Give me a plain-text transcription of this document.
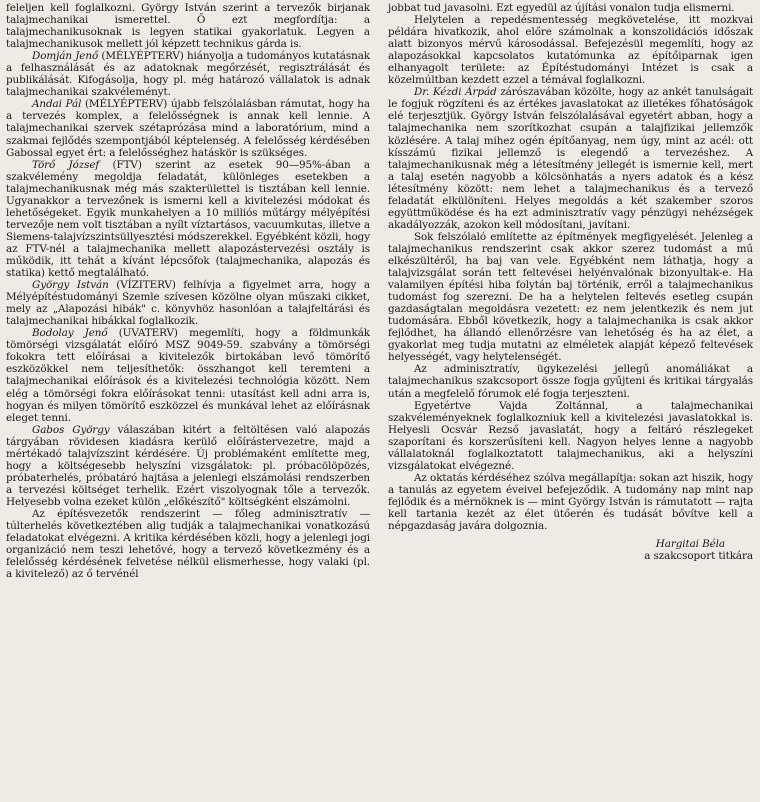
feleljen kell foglalkozni. György István szerint a tervezők birjanak talajmechanikai ismerettel. Ő ezt megfordítja: a talajmechanikusoknak is legyen statikai gyakorlatuk. Legyen a talajmechanikusok mellett jól képzett technikus gárda is.

Domján Jenő (MÉLYÉPTERV) hiányolja a tudományos kutatásnak a felhasználását és az adatoknak megőrzését, regisztrálását és publikálását. Kifogásolja, hogy pl. még határozó vállalatok is adnak talajmechanikai szakvéleményt.

Andai Pál (MÉLYÉPTERV) újabb felszólalásban rámutat, hogy ha a tervezés komplex, a felelősségnek is annak kell lennie. A talajmechanikai szervek szétaprózása mind a laboratórium, mind a szakmai fejlődés szempontjából képtelenség. A felelősség kérdésében Gabossal egyet ért: a felelősséghez hatáskör is szükséges.

Törő József (FTV) szerint az esetek 90—95%-ában a szakvélemény megoldja feladatát, különleges esetekben a talajmechanikusnak még más szakterülettel is tisztában kell lennie. Ugyanakkor a tervezőnek is ismerni kell a kivitelezési módokat és lehetőségeket. Egyik munkahelyen a 10 milliós műtárgy mélyépítési tervezője nem volt tisztában a nyílt víztartásos, vacuumkutas, illetve a Siemens-talajvízszintsüllyesztési módszerekkel. Egyébként közli, hogy az FTV-nél a talajmechanika mellett alapozástervezési osztály is működik, itt tehát a kívánt lépcsőfok (talajmechanika, alapozás és statika) kettő megtalálható.

György István (VÍZITERV) felhívja a figyelmet arra, hogy a Mélyépítéstudományi Szemle szívesen közölne olyan műszaki cikket, mely az „Alapozási hibák" c. könyvhöz hasonlóan a talajfeltárási és talajmechanikai hibákkal foglalkozik.

Bodolay Jenő (UVATERV) megemlíti, hogy a földmunkák tömörségi vizsgálatát előíró MSZ 9049-59. szabvány a tömörségi fokokra tett előírásai a kivitelezők birtokában levő tömörítő eszközökkel nem teljesíthetők: összhangot kell teremteni a talajmechanikai előírások és a kivitelezési technológia között. Nem elég a tömörségi fokra előírásokat tenni: utasítást kell adni arra is, hogyan és milyen tömörítő eszközzel és munkával lehet az előírásnak eleget tenni.

Gabos György válaszában kitért a feltöltésen való alapozás tárgyában rövidesen kiadásra kerülő előírástervezetre, majd a mértékadó talajvízszint kérdésére. Új problémaként említette meg, hogy a költségesebb helyszíni vizsgálatok: pl. próbacölöpözés, próbaterhelés, próbatáró hajtása a jelenlegi elszámolási rendszerben a tervezési költséget terhelik. Ezért viszolyognak tőle a tervezők. Helyesebb volna ezeket külön „előkészítő" költségként elszámolni.

Az építésvezetők rendszerint — főleg adminisztratív — túlterhelés következtében alig tudják a talajmechanikai vonatkozású feladatokat elvégezni. A kritika kérdésében közli, hogy a jelenlegi jogi organizáció nem teszi lehetővé, hogy a tervező következmény és a felelősség kérdésének felvetése nélkül elismerhesse, hogy valaki (pl. a kivitelező) az ő tervénél

jobbat tud javasolni. Ezt egyedül az újítási vonalon tudja elismerni.

Helytelen a repedésmentesség megkövetelése, itt mozkvai példára hivatkozik, ahol előre számolnak a konszolidációs időszak alatt bizonyos mérvű károsodással. Befejezésül megemlíti, hogy az alapozásokkal kapcsolatos kutatómunka az építőiparnak igen elhanyagolt területe: az Építéstudományi Intézet is csak a közelmúltban kezdett ezzel a témával foglalkozni.

Dr. Kézdi Árpád zárószavában közölte, hogy az ankét tanulságait le fogjuk rögzíteni és az értékes javaslatokat az illetékes főhatóságok elé terjesztjük. György István felszólalásával egyetért abban, hogy a talajmechanika nem szorítkozhat csupán a talajfizikai jellemzők közlésére. A talaj mihez ogén építőanyag, nem úgy, mint az acél: ott kísszámú fizikai jellemző is elegendő a tervezéshez. A talajmechanikusnak még a létesítmény jellegét is ismernie kell, mert a talaj esetén nagyobb a kölcsönhatás a nyers adatok és a kész létesítmény között: nem lehet a talajmechanikus és a tervező feladatát elkülöníteni. Helyes megoldás a két szakember szoros együttműködése és ha ezt adminisztratív vagy pénzügyi nehézségek akadályozzák, azokon kell módosítani, javítani.

Sok felszólaló említette az építmények megfigyelését. Jelenleg a talajmechanikus rendszerint csak akkor szerez tudomást a mű elkészültéről, ha baj van vele. Egyébként nem láthatja, hogy a talajvizsgálat során tett feltevései helyénvalónak bizonyultak-e. Ha valamilyen építési hiba folytán baj történik, erről a talajmechanikus tudomást fog szerezni. De ha a helytelen feltevés esetleg csupán gazdaságtalan megoldásra vezetett: ez nem jelentkezik és nem jut tudomására. Ebből következik, hogy a talajmechanika is csak akkor fejlődhet, ha állandó ellenőrzésre van lehetőség és ha az élet, a gyakorlat meg tudja mutatni az elméletek alapját képező feltevések helyességét, vagy helytelenségét.

Az adminisztratív, ügykezelési jellegű anomáliákat a talajmechanikus szakcsoport össze fogja gyűjteni és kritikai tárgyalás után a megfelelő fórumok elé fogja terjeszteni.

Egyetértve Vajda Zoltánnal, a talajmechanikai szakvéleményeknek foglalkozniuk kell a kivitelezési javaslatokkal is. Helyesli Ocsvár Rezső javaslatát, hogy a feltáró részlegeket szaporítani és korszerűsíteni kell. Nagyon helyes lenne a nagyobb vállalatoknál foglalkoztatott talajmechanikus, aki a helyszíni vizsgálatokat elvégezné.

Az oktatás kérdéséhez szólva megállapítja: sokan azt hiszik, hogy a tanulás az egyetem éveivel befejeződik. A tudomány nap mint nap fejlődik és a mérnöknek is — mint György István is rámutatott — rajta kell tartania kezét az élet ütőerén és tudását bővítve kell a népgazdaság javára dolgoznia.

Hargitai Béla
a szakcsoport titkára
